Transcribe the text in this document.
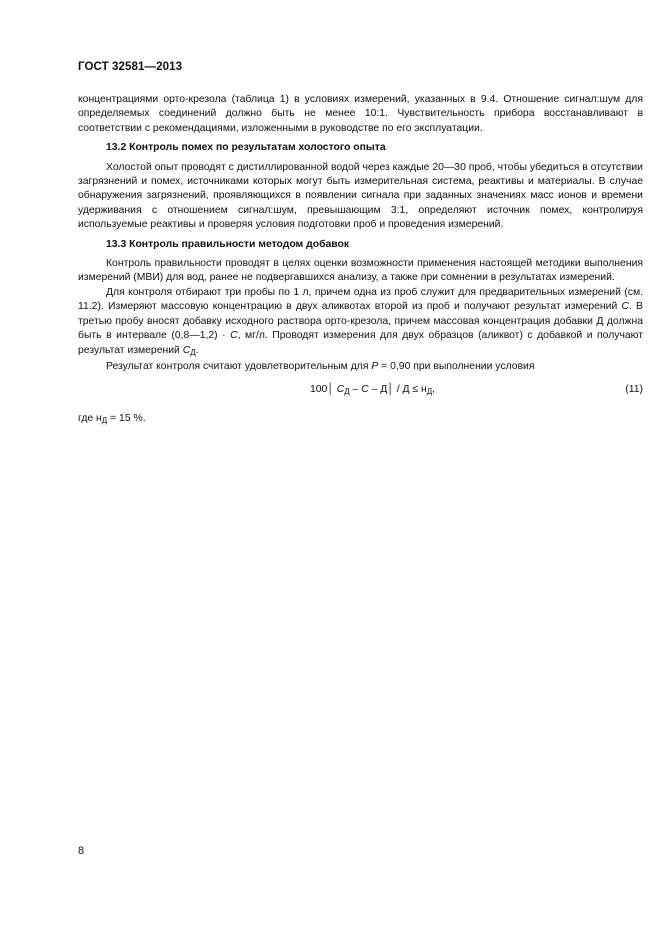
ГОСТ 32581—2013

концентрациями орто-крезола (таблица 1) в условиях измерений, указанных в 9.4. Отношение сигнал:шум для определяемых соединений должно быть не менее 10:1. Чувствительность прибора восстанавливают в соответствии с рекомендациями, изложенными в руководстве по его эксплуатации.

13.2 Контроль помех по результатам холостого опыта

Холостой опыт проводят с дистиллированной водой через каждые 20—30 проб, чтобы убедиться в отсутствии загрязнений и помех, источниками которых могут быть измерительная система, реактивы и материалы. В случае обнаружения загрязнений, проявляющихся в появлении сигнала при заданных значениях масс ионов и времени удерживания с отношением сигнал:шум, превышающим 3:1, определяют источник помех, контролируя используемые реактивы и проверяя условия подготовки проб и проведения измерений.

13.3 Контроль правильности методом добавок

Контроль правильности проводят в целях оценки возможности применения настоящей методики выполнения измерений (МВИ) для вод, ранее не подвергавшихся анализу, а также при сомнении в результатах измерений.

Для контроля отбирают три пробы по 1 л, причем одна из проб служит для предварительных измерений (см. 11.2). Измеряют массовую концентрацию в двух аликвотах второй из проб и получают результат измерений C. В третью пробу вносят добавку исходного раствора орто-крезола, причем массовая концентрация добавки Д должна быть в интервале (0,8—1,2) · C, мг/л. Проводят измерения для двух образцов (аликвот) с добавкой и получают результат измерений $C_Д$.

Результат контроля считают удовлетворительным для P = 0,90 при выполнении условия

100│ $C_Д$ – C – Д│ / $Д \le н_Д$,	(11)

где $н_Д = 15$ %.

8
